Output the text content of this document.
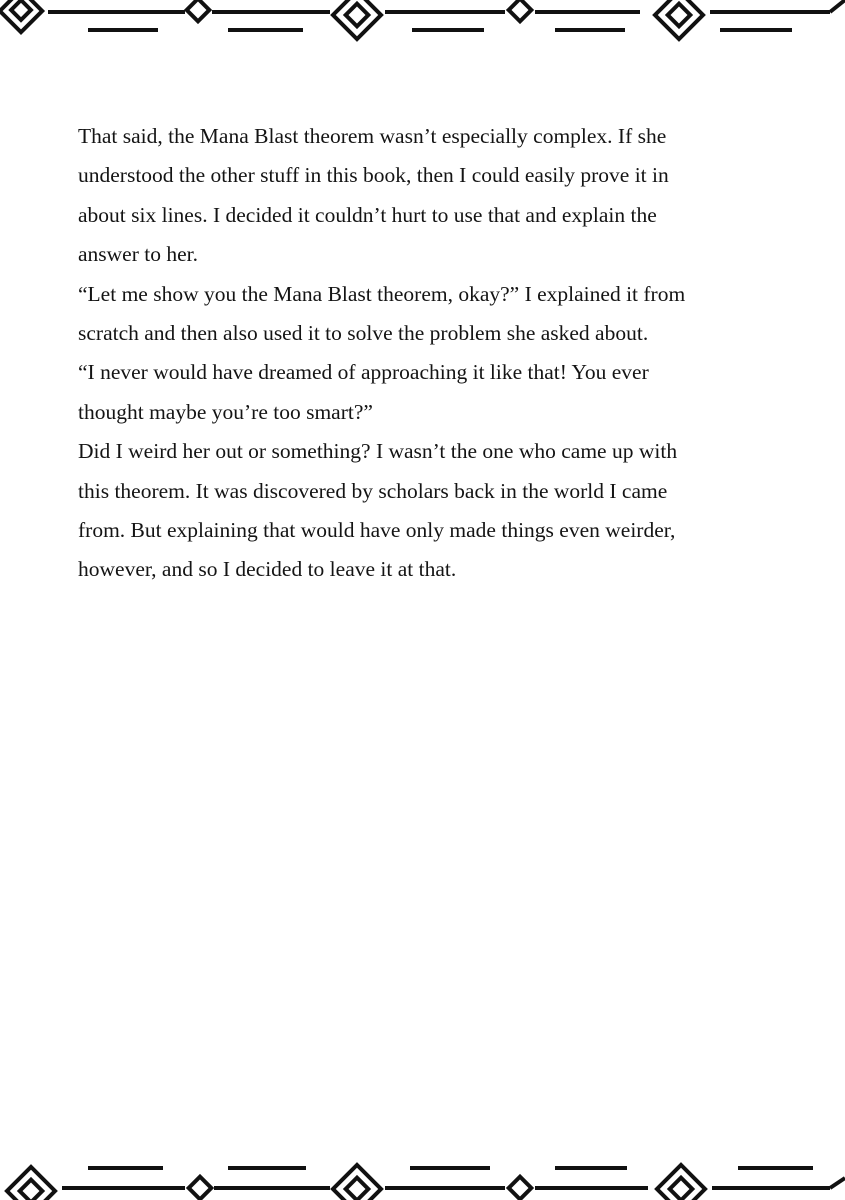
That said, the Mana Blast theorem wasn’t especially complex. If she

understood the other stuff in this book, then I could easily prove it in

about six lines. I decided it couldn’t hurt to use that and explain the

answer to her.

“Let me show you the Mana Blast theorem, okay?” I explained it from

scratch and then also used it to solve the problem she asked about.

“I never would have dreamed of approaching it like that! You ever

thought maybe you’re too smart?”

Did I weird her out or something? I wasn’t the one who came up with

this theorem. It was discovered by scholars back in the world I came

from. But explaining that would have only made things even weirder,

however, and so I decided to leave it at that.
